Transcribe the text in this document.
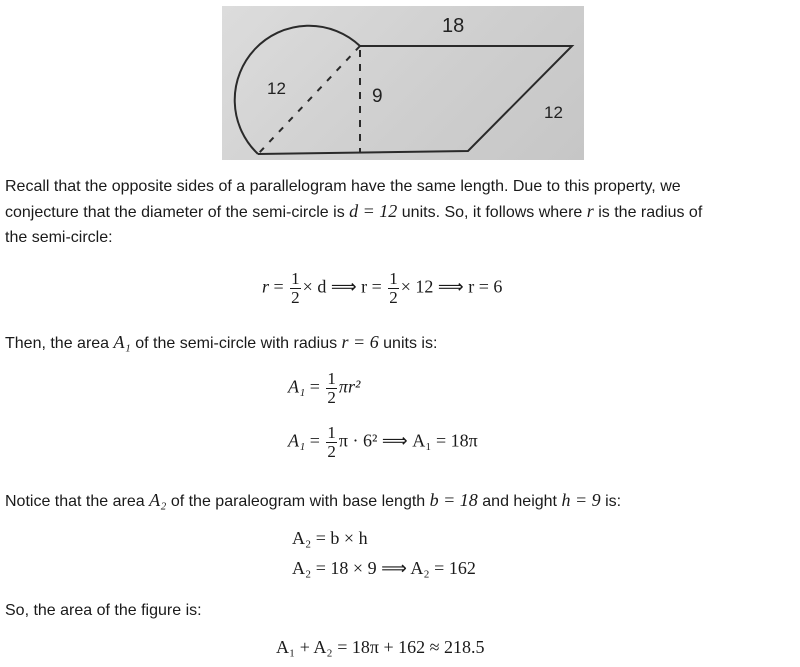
18
12	9
12
Recall that the opposite sides of a parallelogram have the same length. Due to this property, we
conjecture that the diameter of the semi-circle is d = 12 units. So, it follows where r is the radius of
the semi-circle:
$r = \frac{1}{2} \times d$ ⟹ $r = \frac{1}{2} \times 12$ ⟹ r = 6
Then, the area A₁ of the semi-circle with radius r = 6 units is:
$A_1 = \frac{1}{2} \pi r^2$
$A_1 = \frac{1}{2}$ π · 6² ⟹ A₁ = 18π
Notice that the area A₂ of the paraleogram with base length b = 18 and height h = 9 is:
A₂ = b × h
A₂ = 18 × 9 ⟹ A₂ = 162
So, the area of the figure is:
A₁ + A₂ = 18π + 162 ≈ 218.5
